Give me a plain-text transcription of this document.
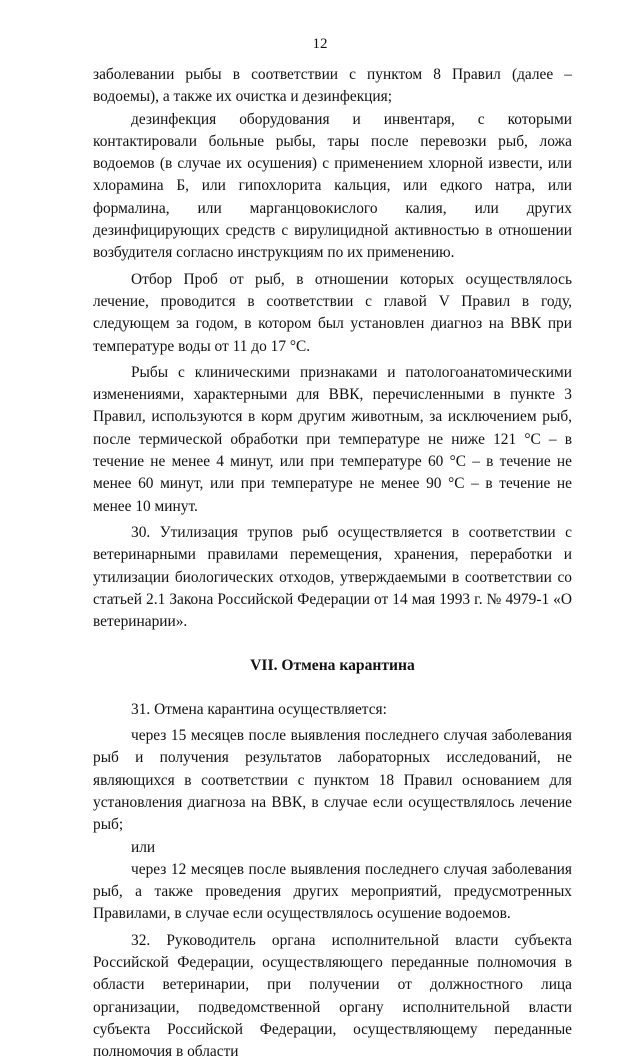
12

заболевании рыбы в соответствии с пунктом 8 Правил (далее – водоемы), а также их очистка и дезинфекция;

дезинфекция оборудования и инвентаря, с которыми контактировали больные рыбы, тары после перевозки рыб, ложа водоемов (в случае их осушения) с применением хлорной извести, или хлорамина Б, или гипохлорита кальция, или едкого натра, или формалина, или марганцовокислого калия, или других дезинфицирующих средств с вирулицидной активностью в отношении возбудителя согласно инструкциям по их применению.

Отбор Проб от рыб, в отношении которых осуществлялось лечение, проводится в соответствии с главой V Правил в году, следующем за годом, в котором был установлен диагноз на ВВК при температуре воды от 11 до 17 °С.

Рыбы с клиническими признаками и патологоанатомическими изменениями, характерными для ВВК, перечисленными в пункте 3 Правил, используются в корм другим животным, за исключением рыб, после термической обработки при температуре не ниже 121 °С – в течение не менее 4 минут, или при температуре 60 °С – в течение не менее 60 минут, или при температуре не менее 90 °С – в течение не менее 10 минут.

30. Утилизация трупов рыб осуществляется в соответствии с ветеринарными правилами перемещения, хранения, переработки и утилизации биологических отходов, утверждаемыми в соответствии со статьей 2.1 Закона Российской Федерации от 14 мая 1993 г. № 4979-1 «О ветеринарии».

VII. Отмена карантина

31. Отмена карантина осуществляется:

через 15 месяцев после выявления последнего случая заболевания рыб и получения результатов лабораторных исследований, не являющихся в соответствии с пунктом 18 Правил основанием для установления диагноза на ВВК, в случае если осуществлялось лечение рыб;

или

через 12 месяцев после выявления последнего случая заболевания рыб, а также проведения других мероприятий, предусмотренных Правилами, в случае если осуществлялось осушение водоемов.

32. Руководитель органа исполнительной власти субъекта Российской Федерации, осуществляющего переданные полномочия в области ветеринарии, при получении от должностного лица организации, подведомственной органу исполнительной власти субъекта Российской Федерации, осуществляющему переданные полномочия в области
